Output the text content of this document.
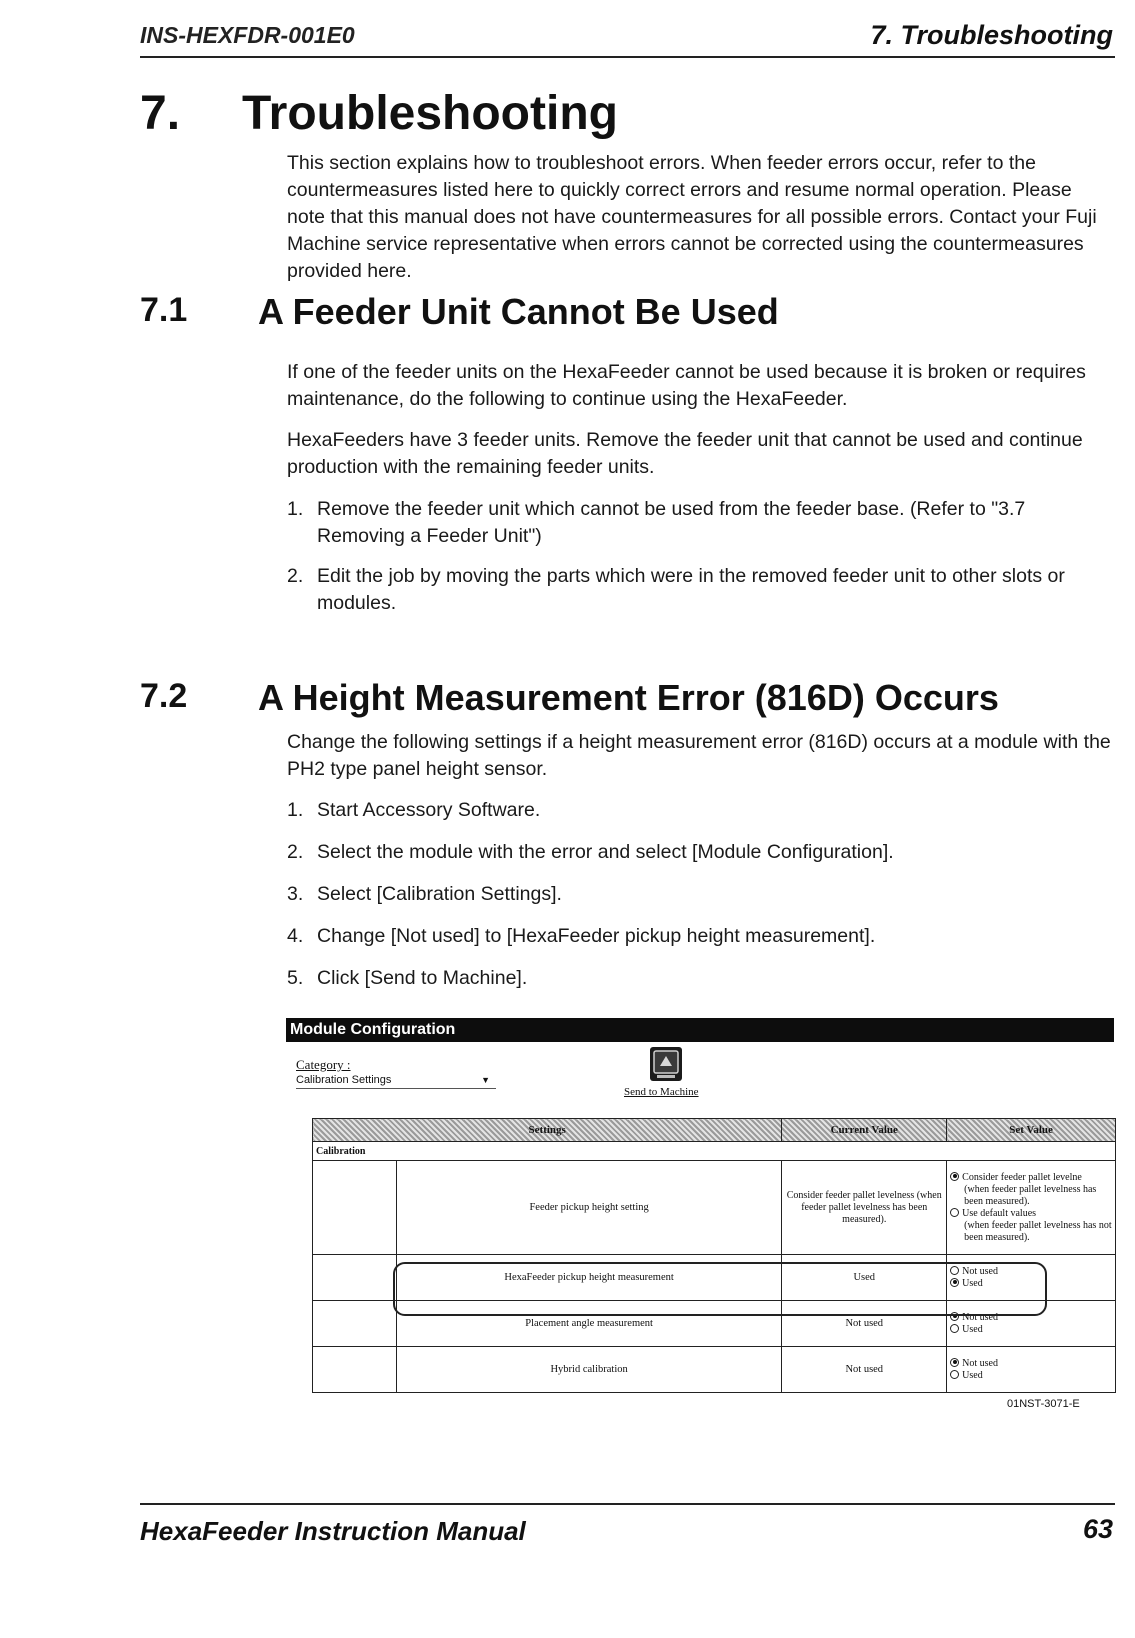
INS-HEXFDR-001E0	7. Troubleshooting
7. Troubleshooting
This section explains how to troubleshoot errors. When feeder errors occur, refer to the countermeasures listed here to quickly correct errors and resume normal operation. Please note that this manual does not have countermeasures for all possible errors. Contact your Fuji Machine service representative when errors cannot be corrected using the countermeasures provided here.
7.1 A Feeder Unit Cannot Be Used
If one of the feeder units on the HexaFeeder cannot be used because it is broken or requires maintenance, do the following to continue using the HexaFeeder.
HexaFeeders have 3 feeder units. Remove the feeder unit that cannot be used and continue production with the remaining feeder units.
1. Remove the feeder unit which cannot be used from the feeder base. (Refer to "3.7 Removing a Feeder Unit")
2. Edit the job by moving the parts which were in the removed feeder unit to other slots or modules.
7.2 A Height Measurement Error (816D) Occurs
Change the following settings if a height measurement error (816D) occurs at a module with the PH2 type panel height sensor.
1. Start Accessory Software.
2. Select the module with the error and select [Module Configuration].
3. Select [Calibration Settings].
4. Change [Not used] to [HexaFeeder pickup height measurement].
5. Click [Send to Machine].
Module Configuration
Category :
Calibration Settings	▼
Send to Machine
Settings		Current Value	Set Value
Calibration			
	Feeder pickup height setting	Consider feeder pallet levelness (when feeder pallet levelness has been measured).	Consider feeder pallet levelne
(when feeder pallet levelness has been measured).
Use default values
(when feeder pallet levelness has not been measured).

	HexaFeeder pickup height measurement	Used	Not used
Used

	Placement angle measurement	Not used	Not used
Used

	Hybrid calibration	Not used	Not used
Used
01NST-3071-E
HexaFeeder Instruction Manual	63
